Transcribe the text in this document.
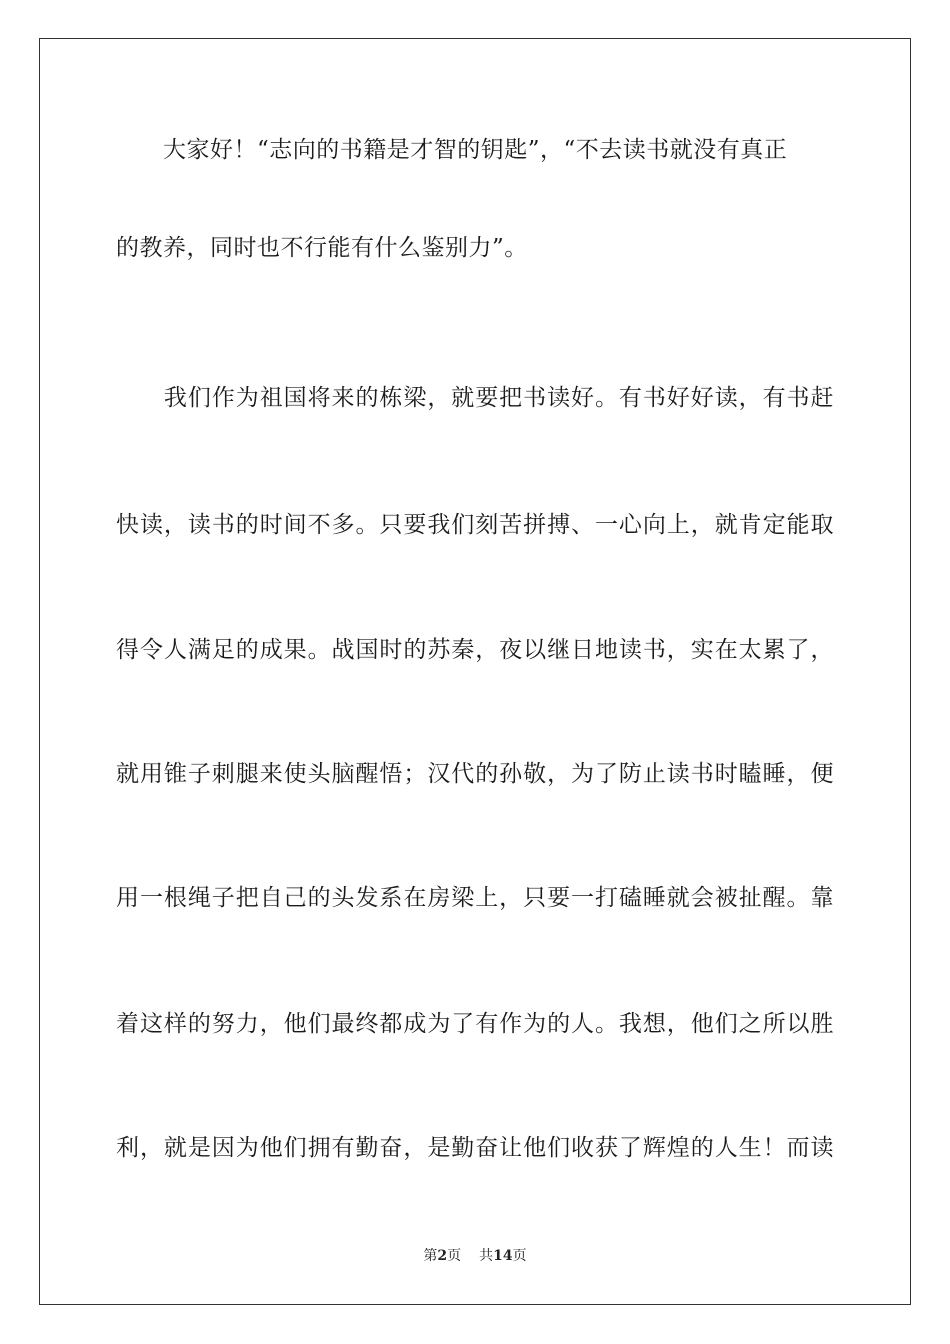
　　大家好！“志向的书籍是才智的钥匙”，“不去读书就没有真正
的教养，同时也不行能有什么鉴别力”。
　　我们作为祖国将来的栋梁，就要把书读好。有书好好读，有书赶
快读，读书的时间不多。只要我们刻苦拼搏、一心向上，就肯定能取
得令人满足的成果。战国时的苏秦，夜以继日地读书，实在太累了，
就用锥子刺腿来使头脑醒悟；汉代的孙敬，为了防止读书时瞌睡，便
用一根绳子把自己的头发系在房梁上，只要一打磕睡就会被扯醒。靠
着这样的努力，他们最终都成为了有作为的人。我想，他们之所以胜
利，就是因为他们拥有勤奋，是勤奋让他们收获了辉煌的人生！而读
第2页 共14页
